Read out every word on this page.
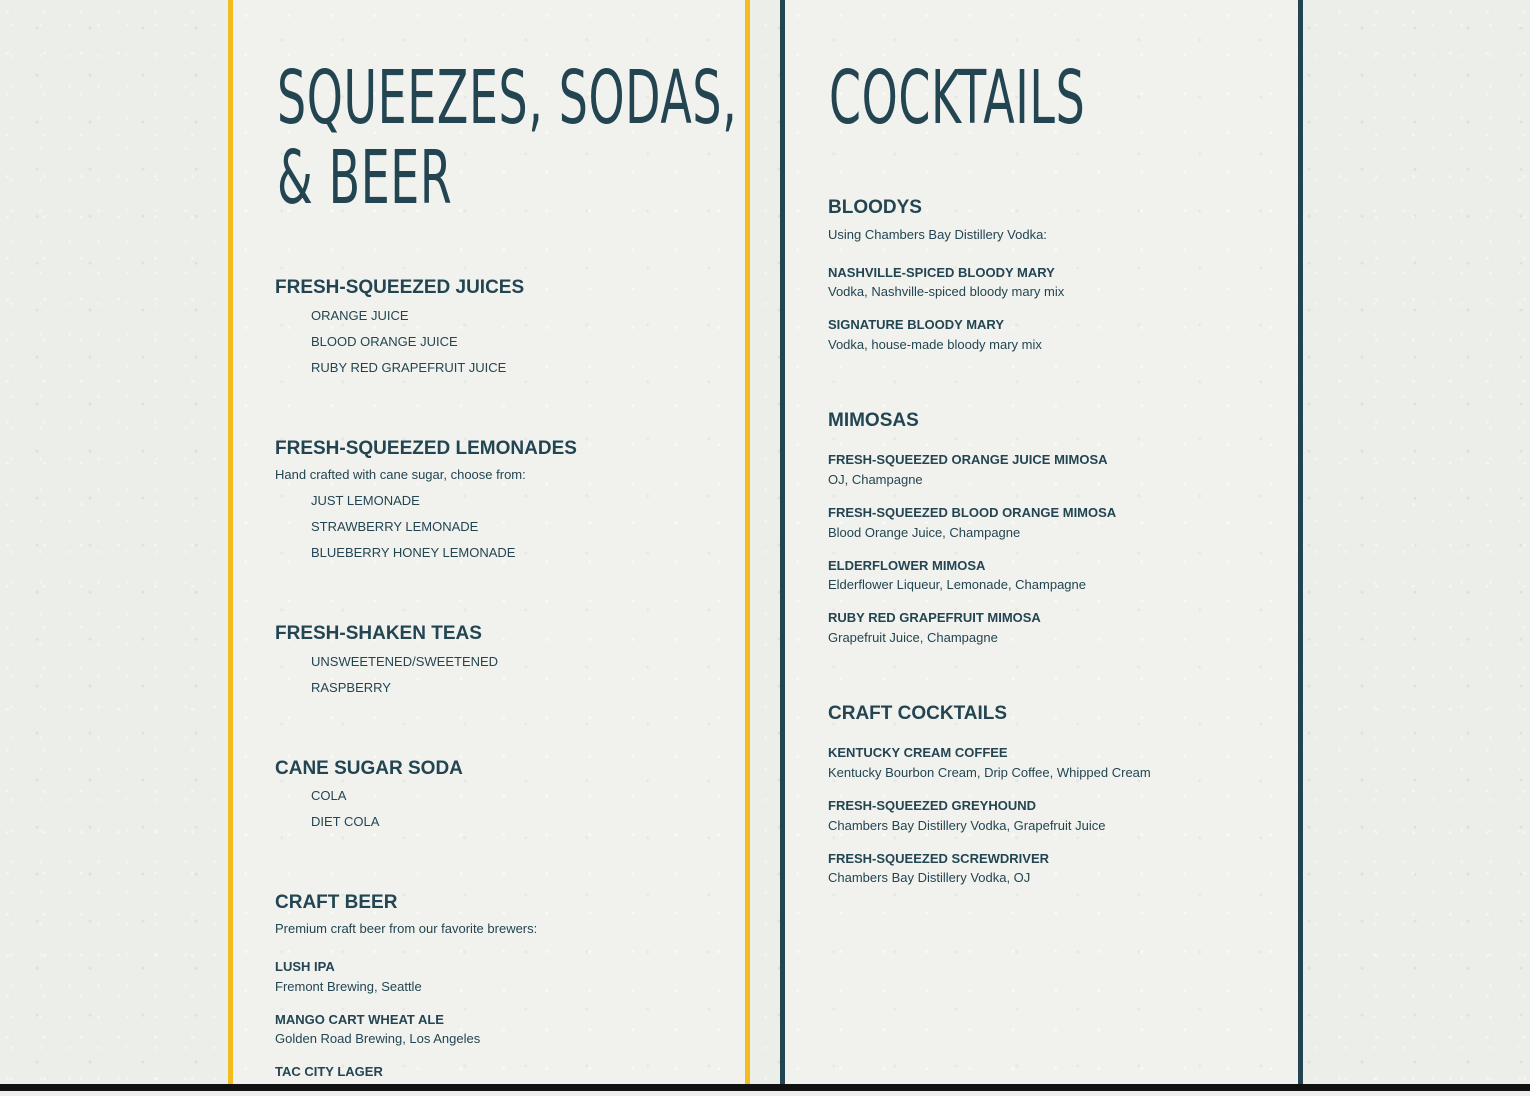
SQUEEZES, SODAS,
& BEER
FRESH-SQUEEZED JUICES
ORANGE JUICE
BLOOD ORANGE JUICE
RUBY RED GRAPEFRUIT JUICE
FRESH-SQUEEZED LEMONADES

Hand crafted with cane sugar, choose from:

JUST LEMONADE
STRAWBERRY LEMONADE
BLUEBERRY HONEY LEMONADE
FRESH-SHAKEN TEAS
UNSWEETENED/SWEETENED
RASPBERRY
CANE SUGAR SODA
COLA
DIET COLA
CRAFT BEER

Premium craft beer from our favorite brewers:

LUSH IPA

Fremont Brewing, Seattle

MANGO CART WHEAT ALE

Golden Road Brewing, Los Angeles

TAC CITY LAGER

COCKTAILS
BLOODYS

Using Chambers Bay Distillery Vodka:

NASHVILLE-SPICED BLOODY MARY

Vodka, Nashville-spiced bloody mary mix

SIGNATURE BLOODY MARY

Vodka, house-made bloody mary mix

MIMOSAS

FRESH-SQUEEZED ORANGE JUICE MIMOSA

OJ, Champagne

FRESH-SQUEEZED BLOOD ORANGE MIMOSA

Blood Orange Juice, Champagne

ELDERFLOWER MIMOSA

Elderflower Liqueur, Lemonade, Champagne

RUBY RED GRAPEFRUIT MIMOSA

Grapefruit Juice, Champagne

CRAFT COCKTAILS

KENTUCKY CREAM COFFEE

Kentucky Bourbon Cream, Drip Coffee, Whipped Cream

FRESH-SQUEEZED GREYHOUND

Chambers Bay Distillery Vodka, Grapefruit Juice

FRESH-SQUEEZED SCREWDRIVER

Chambers Bay Distillery Vodka, OJ
